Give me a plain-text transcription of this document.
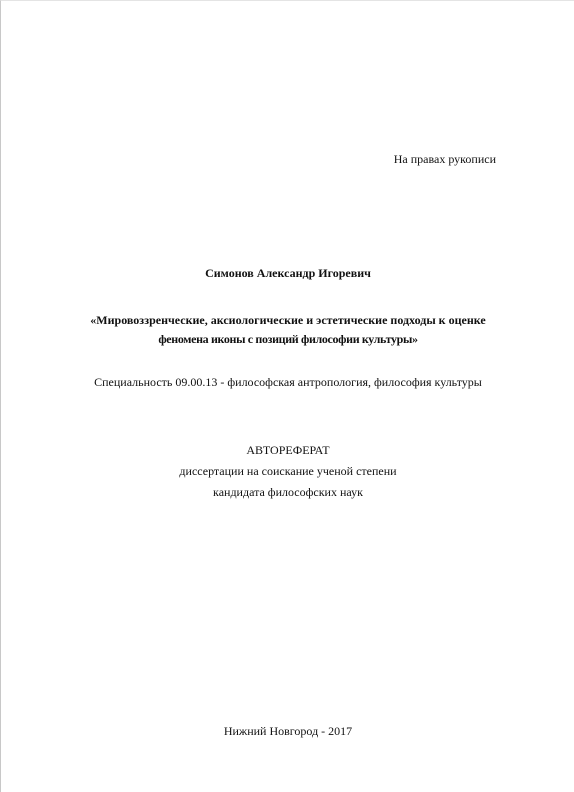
На правах рукописи
Симонов Александр Игоревич
«Мировоззренческие, аксиологические и эстетические подходы к оценке
феномена иконы с позиций философии культуры»
Специальность 09.00.13 - философская антропология, философия культуры
АВТОРЕФЕРАТ
диссертации на соискание ученой степени
кандидата философских наук
Нижний Новгород - 2017
